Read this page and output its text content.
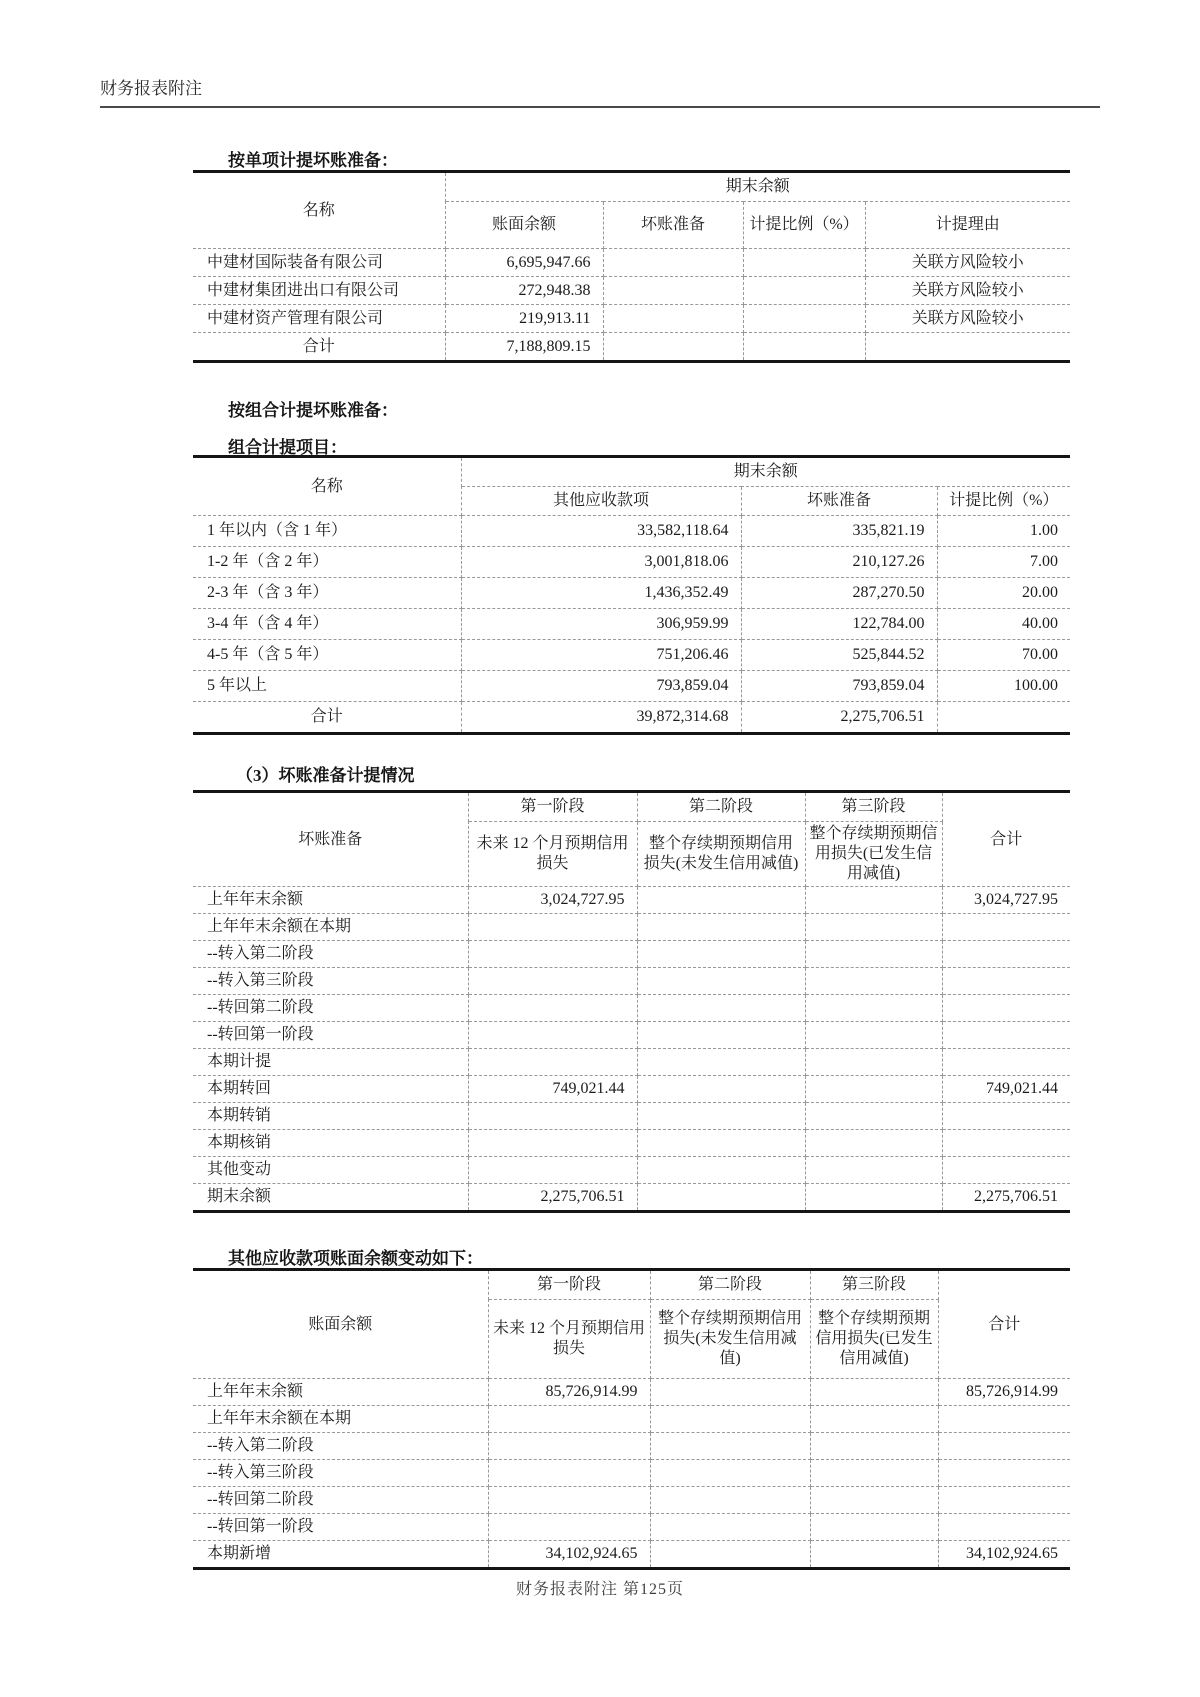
财务报表附注
按单项计提坏账准备：
名称	期末余额			
	账面余额	坏账准备	计提比例（%）	计提理由
中建材国际装备有限公司	6,695,947.66			关联方风险较小
中建材集团进出口有限公司	272,948.38			关联方风险较小
中建材资产管理有限公司	219,913.11			关联方风险较小
合计	7,188,809.15			
按组合计提坏账准备：
组合计提项目：
名称	期末余额		
	其他应收款项	坏账准备	计提比例（%）
1 年以内（含 1 年）	33,582,118.64	335,821.19	1.00
1-2 年（含 2 年）	3,001,818.06	210,127.26	7.00
2-3 年（含 3 年）	1,436,352.49	287,270.50	20.00
3-4 年（含 4 年）	306,959.99	122,784.00	40.00
4-5 年（含 5 年）	751,206.46	525,844.52	70.00
5 年以上	793,859.04	793,859.04	100.00
合计	39,872,314.68	2,275,706.51	
（3）坏账准备计提情况
坏账准备	第一阶段	第二阶段	第三阶段	合计
	未来 12 个月预期信用损失	整个存续期预期信用损失(未发生信用减值)	整个存续期预期信用损失(已发生信用减值)	
上年年末余额	3,024,727.95			3,024,727.95
上年年末余额在本期				
--转入第二阶段				
--转入第三阶段				
--转回第二阶段				
--转回第一阶段				
本期计提				
本期转回	749,021.44			749,021.44
本期转销				
本期核销				
其他变动				
期末余额	2,275,706.51			2,275,706.51
其他应收款项账面余额变动如下：
账面余额	第一阶段	第二阶段	第三阶段	合计
	未来 12 个月预期信用损失	整个存续期预期信用损失(未发生信用减值)	整个存续期预期信用损失(已发生信用减值)	
上年年末余额	85,726,914.99			85,726,914.99
上年年末余额在本期				
--转入第二阶段				
--转入第三阶段				
--转回第二阶段				
--转回第一阶段				
本期新增	34,102,924.65			34,102,924.65
财务报表附注 第125页
